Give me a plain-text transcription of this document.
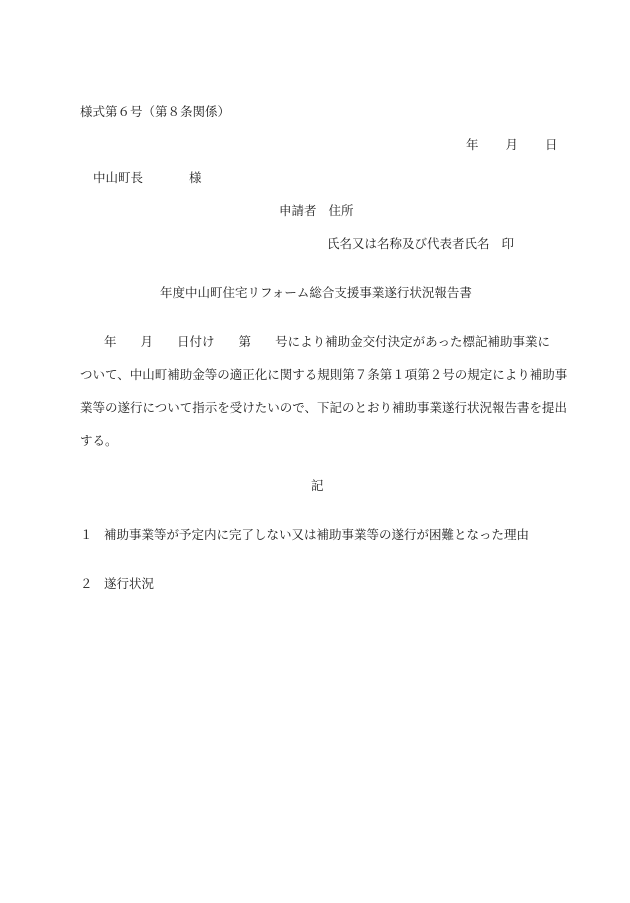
様式第６号（第８条関係）
年 月 日
中山町長	様
申請者 住所
氏名又は名称及び代表者氏名 印
年度中山町住宅リフォーム総合支援事業遂行状況報告書
年 月 日付け 第 号により補助金交付決定があった標記補助事業に
ついて、中山町補助金等の適正化に関する規則第７条第１項第２号の規定により補助事
業等の遂行について指示を受けたいので、下記のとおり補助事業遂行状況報告書を提出
する。
記
１ 補助事業等が予定内に完了しない又は補助事業等の遂行が困難となった理由
２ 遂行状況
